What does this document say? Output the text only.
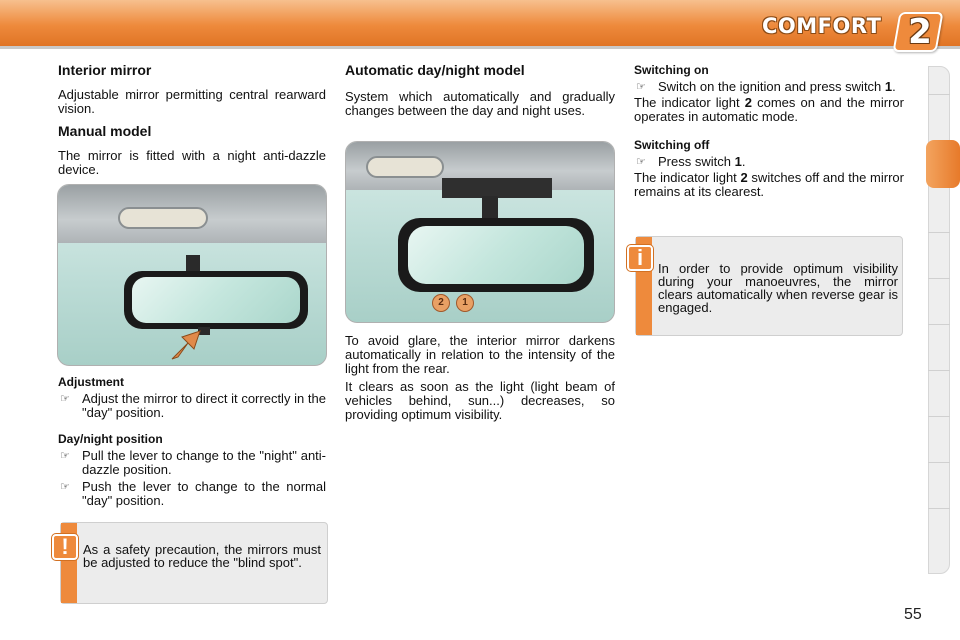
COMFORT 2
Interior mirror

Adjustable mirror permitting central rearward vision.

Manual model

The mirror is fitted with a night anti-dazzle device.

Adjustment
☞ Adjust the mirror to direct it correctly in the "day" position.
Day/night position
☞ Pull the lever to change to the "night" anti-dazzle position.
☞ Push the lever to change to the normal "day" position.
As a safety precaution, the mirrors must be adjusted to reduce the "blind spot".
!
Automatic day/night model

System which automatically and gradually changes between the day and night uses.

2	1

To avoid glare, the interior mirror darkens automatically in relation to the intensity of the light from the rear.

It clears as soon as the light (light beam of vehicles behind, sun...) decreases, so providing optimum visibility.

Switching on
☞ Switch on the ignition and press switch 1.

The indicator light 2 comes on and the mirror operates in automatic mode.

Switching off
☞ Press switch 1.

The indicator light 2 switches off and the mirror remains at its clearest.

In order to provide optimum visibility during your manoeuvres, the mirror clears automatically when reverse gear is engaged.
i
55
